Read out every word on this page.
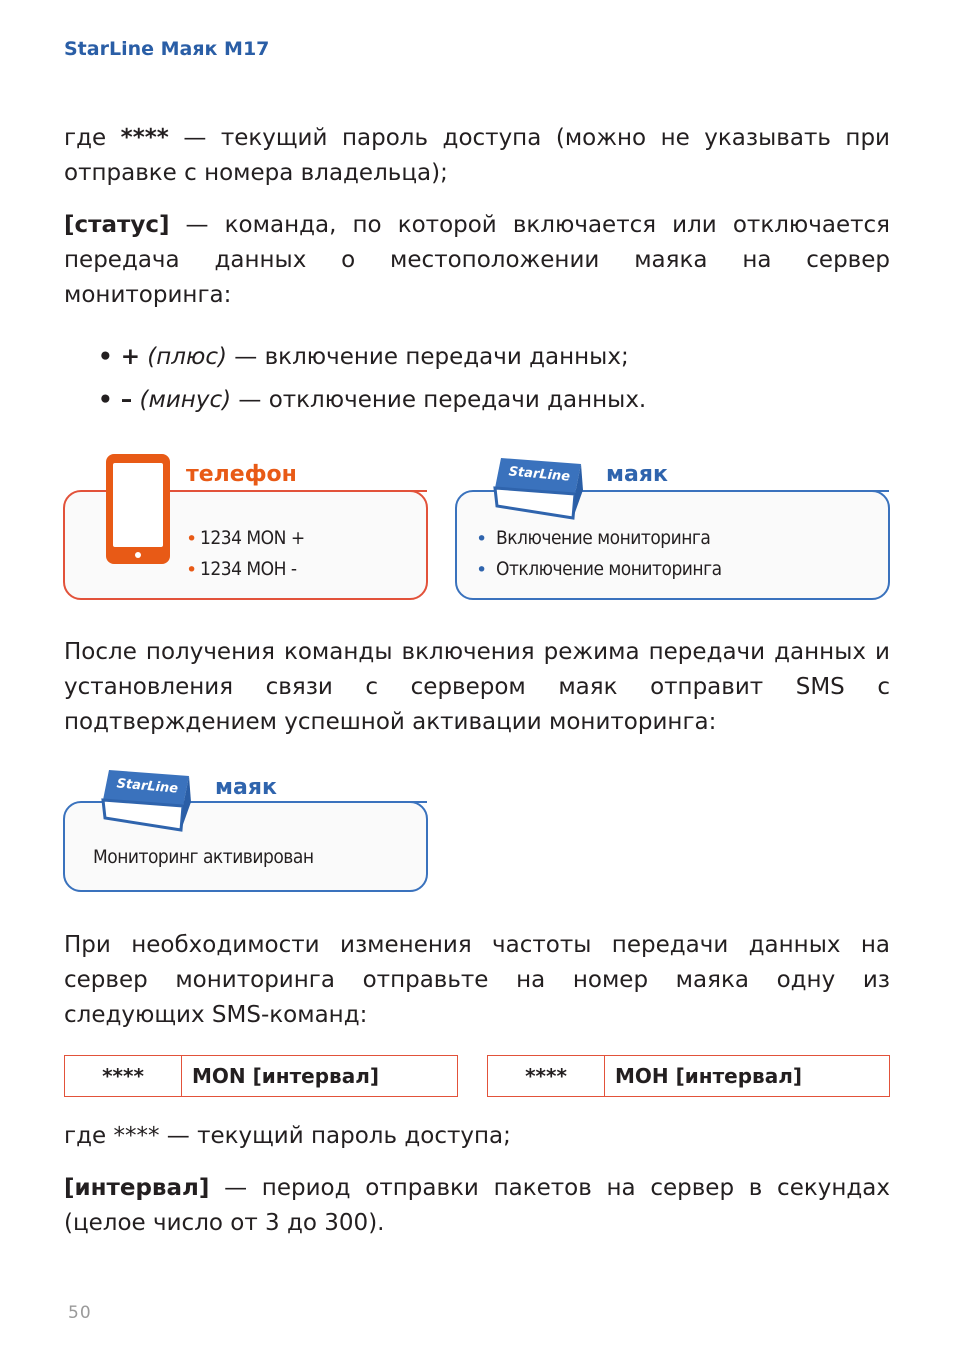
StarLine Маяк M17

где **** — текущий пароль доступа (можно не указывать при отправке с номера владельца);

[статус] — команда, по которой включается или отключается передача данных о местоположении маяка на сервер мониторинга:

• + (плюс) — включение передачи данных;
• – (минус) — отключение передачи данных.
телефон
• 1234 MON +
• 1234 МОН -
StarLine маяк
• Включение мониторинга
• Отключение мониторинга

После получения команды включения режима передачи данных и установления связи с сервером маяк отправит SMS с подтверждением успешной активации мониторинга:

StarLine маяк
Мониторинг активирован

При необходимости изменения частоты передачи данных на сервер мониторинга отправьте на номер маяка одну из следующих SMS-команд:

****	MON [интервал]	****	МОН [интервал]

где **** — текущий пароль доступа;

[интервал] — период отправки пакетов на сервер в секундах (целое число от 3 до 300).

50
